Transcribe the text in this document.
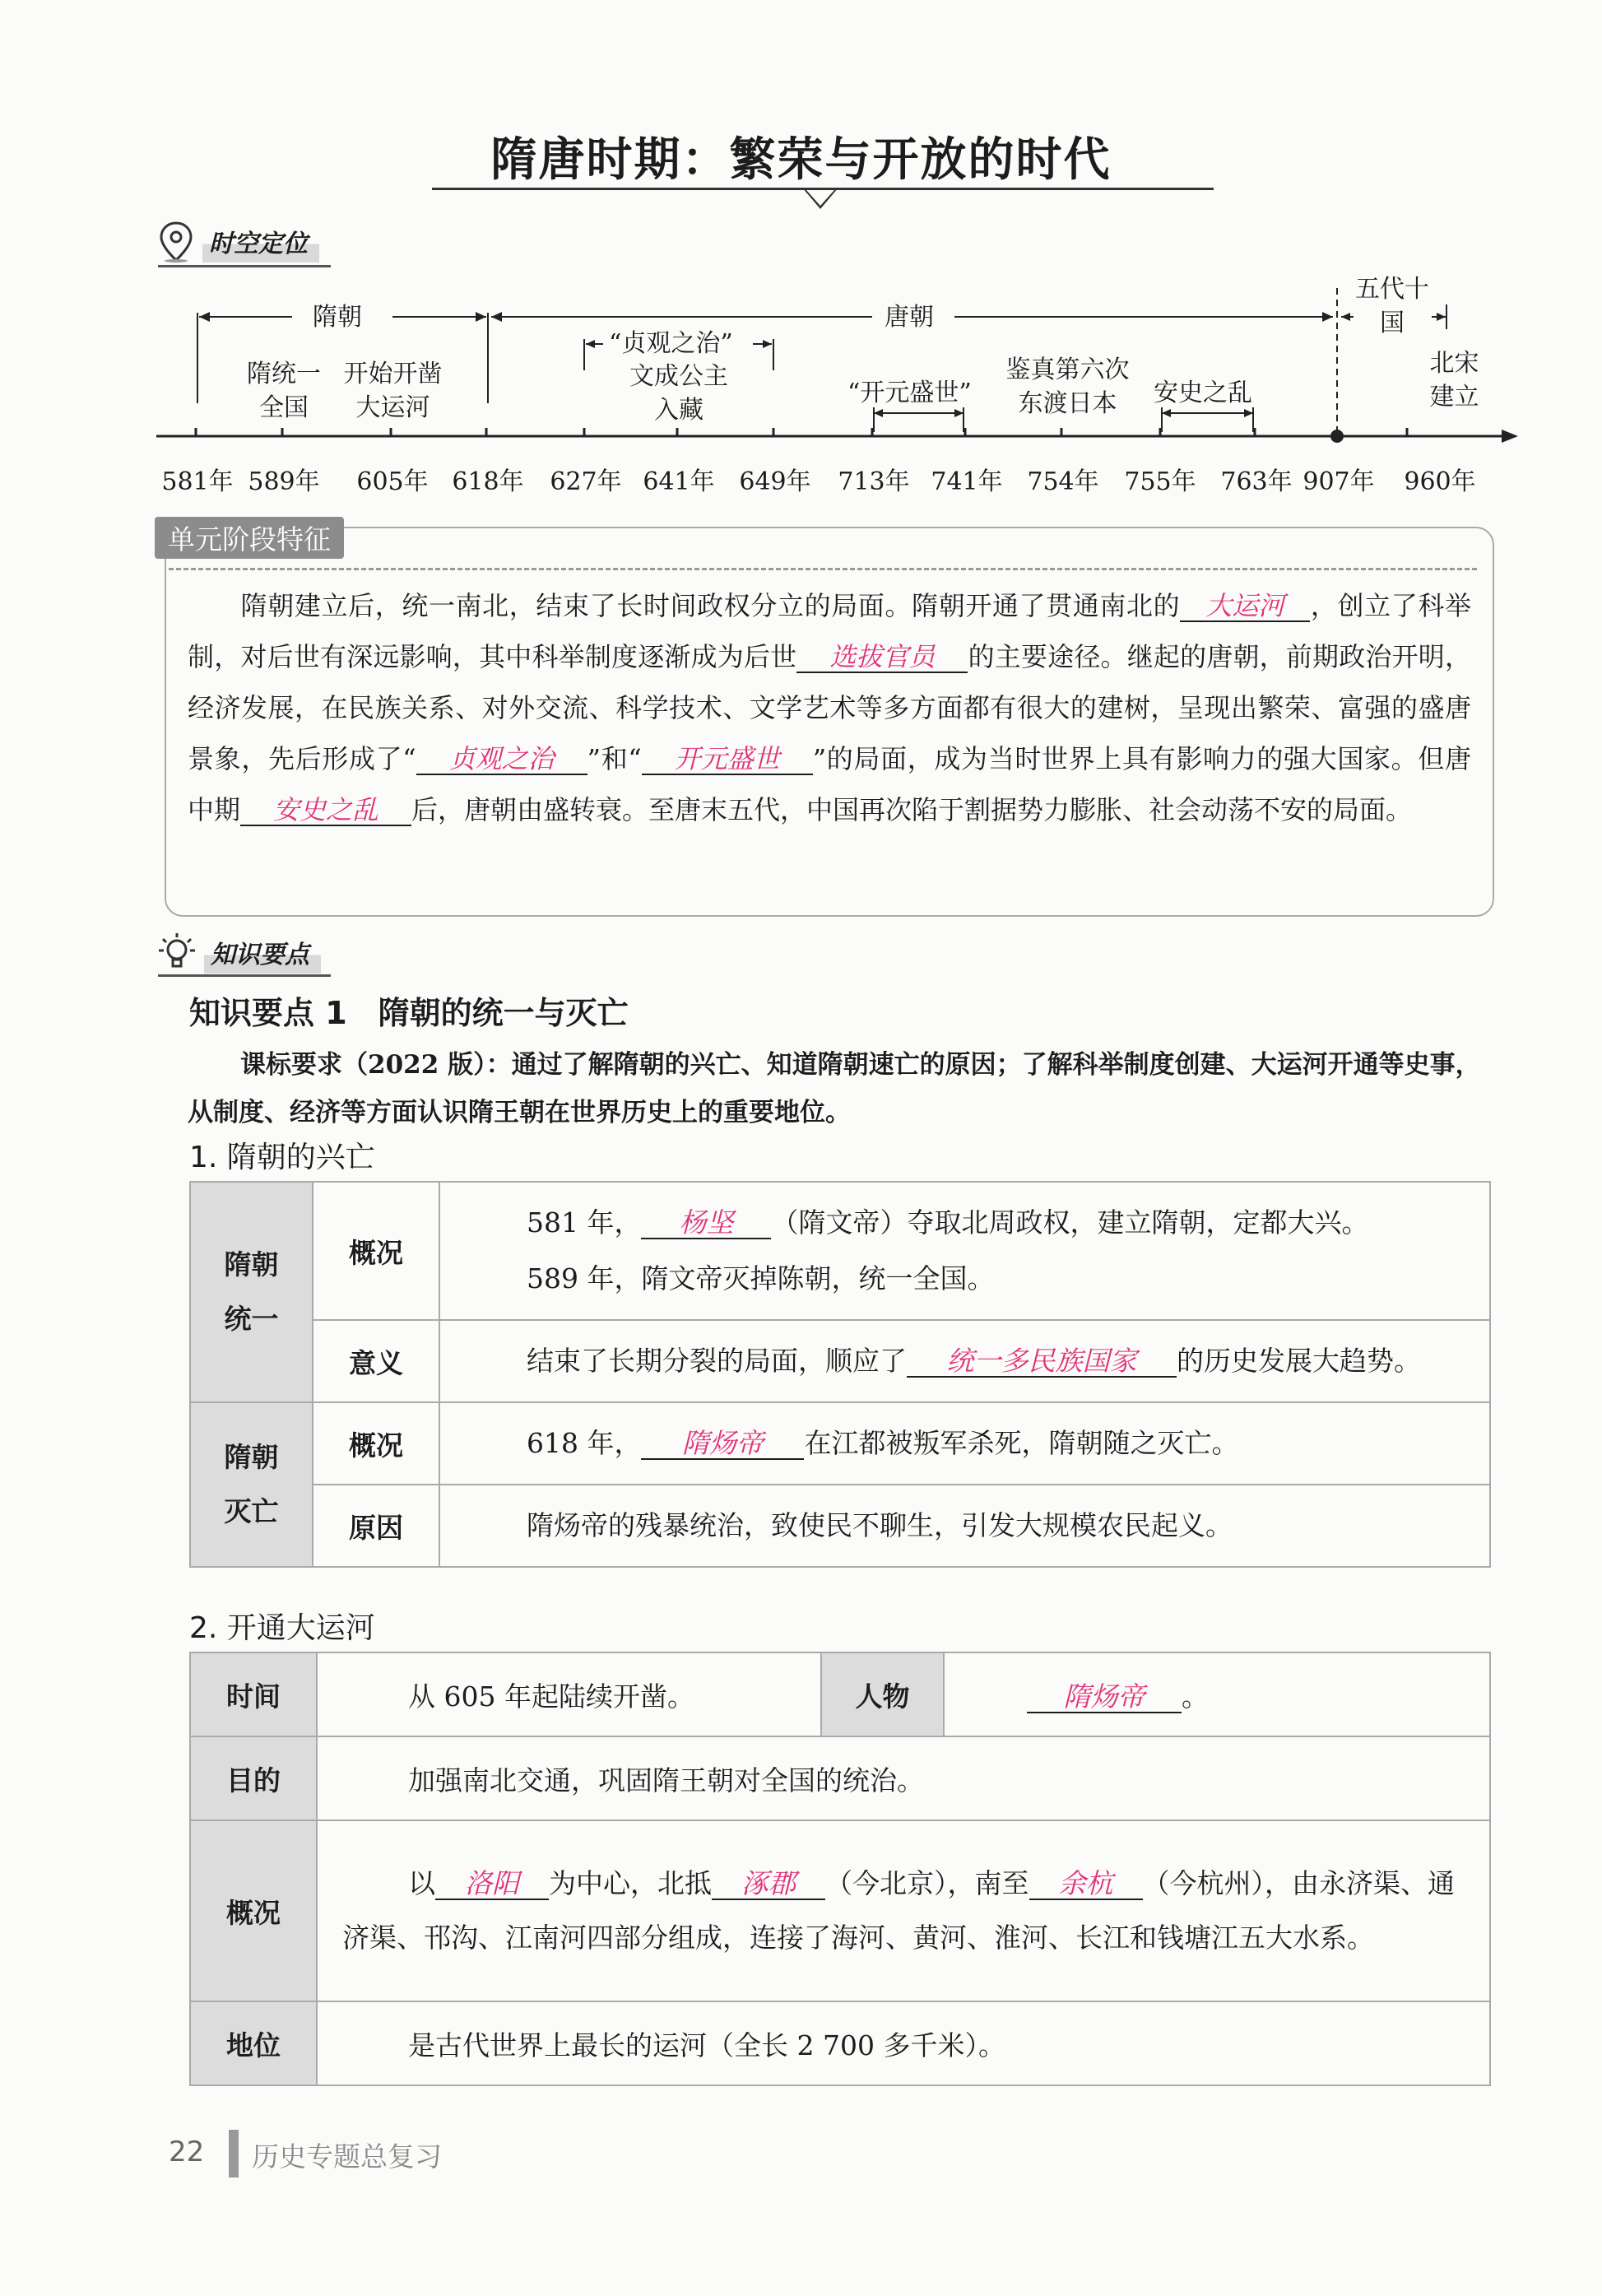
隋唐时期：繁荣与开放的时代
时空定位
隋朝	唐朝
五代十国
隋统一全国
开始开凿大运河
“贞观之治”
文成公主入藏
“开元盛世”
鉴真第六次东渡日本	安史之乱
北宋建立
581年 589年 605年 618年 627年 641年 649年 713年 741年 754年 755年 763年 907年 960年
单元阶段特征
隋朝建立后，统一南北，结束了长时间政权分立的局面。隋朝开通了贯通南北的 大运河 ，创立了科举制，对后世有深远影响，其中科举制度逐渐成为后世 选拔官员 的主要途径。继起的唐朝，前期政治开明，经济发展，在民族关系、对外交流、科学技术、文学艺术等多方面都有很大的建树，呈现出繁荣、富强的盛唐景象，先后形成了“ 贞观之治 ”和“ 开元盛世 ”的局面，成为当时世界上具有影响力的强大国家。但唐中期 安史之乱 后，唐朝由盛转衰。至唐末五代，中国再次陷于割据势力膨胀、社会动荡不安的局面。
知识要点
知识要点 1　隋朝的统一与灭亡
课标要求（2022 版）：通过了解隋朝的兴亡、知道隋朝速亡的原因；了解科举制度创建、大运河开通等史事，从制度、经济等方面认识隋王朝在世界历史上的重要地位。
1. 隋朝的兴亡
隋朝统一	概况	581 年， 杨坚 （隋文帝）夺取北周政权，建立隋朝，定都大兴。
589 年，隋文帝灭掉陈朝，统一全国。

	意义	结束了长期分裂的局面，顺应了 统一多民族国家 的历史发展大趋势。
隋朝灭亡	概况	618 年， 隋炀帝 在江都被叛军杀死，隋朝随之灭亡。
	原因	隋炀帝的残暴统治，致使民不聊生，引发大规模农民起义。
2. 开通大运河
时间	从 605 年起陆续开凿。	人物	隋炀帝 。
目的	加强南北交通，巩固隋王朝对全国的统治。		
概况	以 洛阳 为中心，北抵 涿郡 （今北京），南至 余杭 （今杭州），由永济渠、通济渠、邗沟、江南河四部分组成，连接了海河、黄河、淮河、长江和钱塘江五大水系。		
地位	是古代世界上最长的运河（全长 2 700 多千米）。		
22 历史专题总复习
